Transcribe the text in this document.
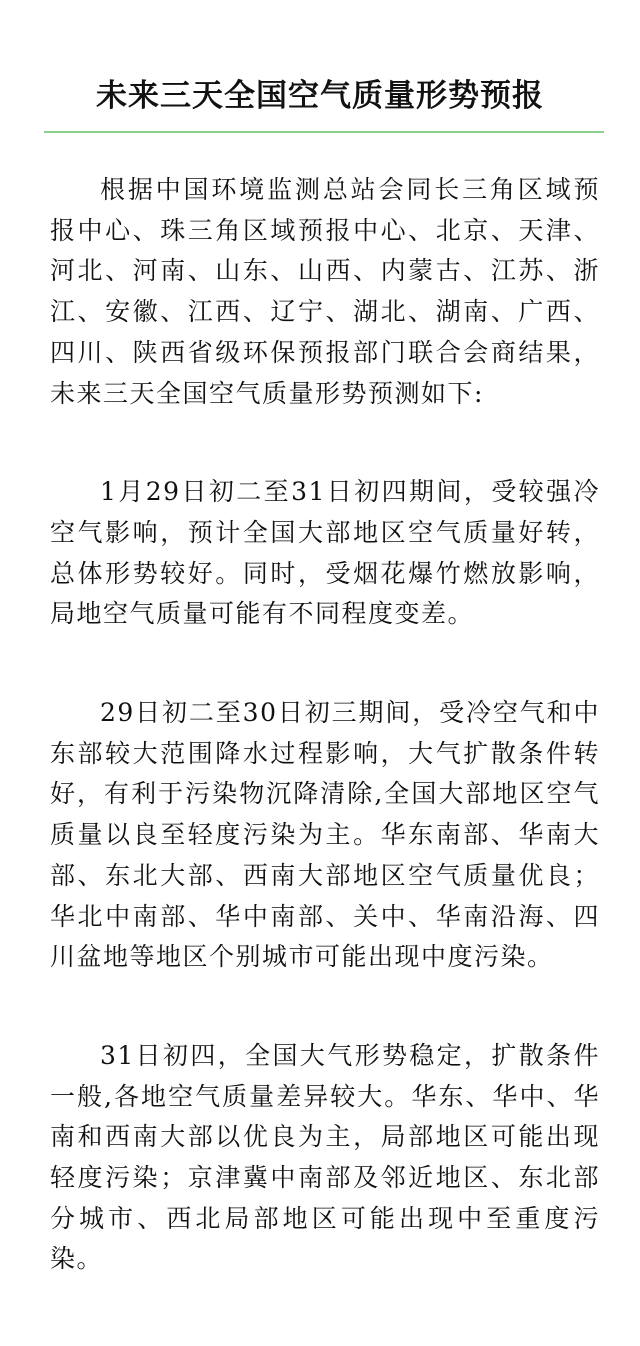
未来三天全国空气质量形势预报

根据中国环境监测总站会同长三角区域预报中心、珠三角区域预报中心、北京、天津、河北、河南、山东、山西、内蒙古、江苏、浙江、安徽、江西、辽宁、湖北、湖南、广西、四川、陕西省级环保预报部门联合会商结果，未来三天全国空气质量形势预测如下:

1月29日初二至31日初四期间，受较强冷空气影响，预计全国大部地区空气质量好转，总体形势较好。同时，受烟花爆竹燃放影响，局地空气质量可能有不同程度变差。

29日初二至30日初三期间，受冷空气和中东部较大范围降水过程影响，大气扩散条件转好，有利于污染物沉降清除,全国大部地区空气质量以良至轻度污染为主。华东南部、华南大部、东北大部、西南大部地区空气质量优良；华北中南部、华中南部、关中、华南沿海、四川盆地等地区个别城市可能出现中度污染。

31日初四，全国大气形势稳定，扩散条件一般,各地空气质量差异较大。华东、华中、华南和西南大部以优良为主，局部地区可能出现轻度污染；京津冀中南部及邻近地区、东北部分城市、西北局部地区可能出现中至重度污染。
